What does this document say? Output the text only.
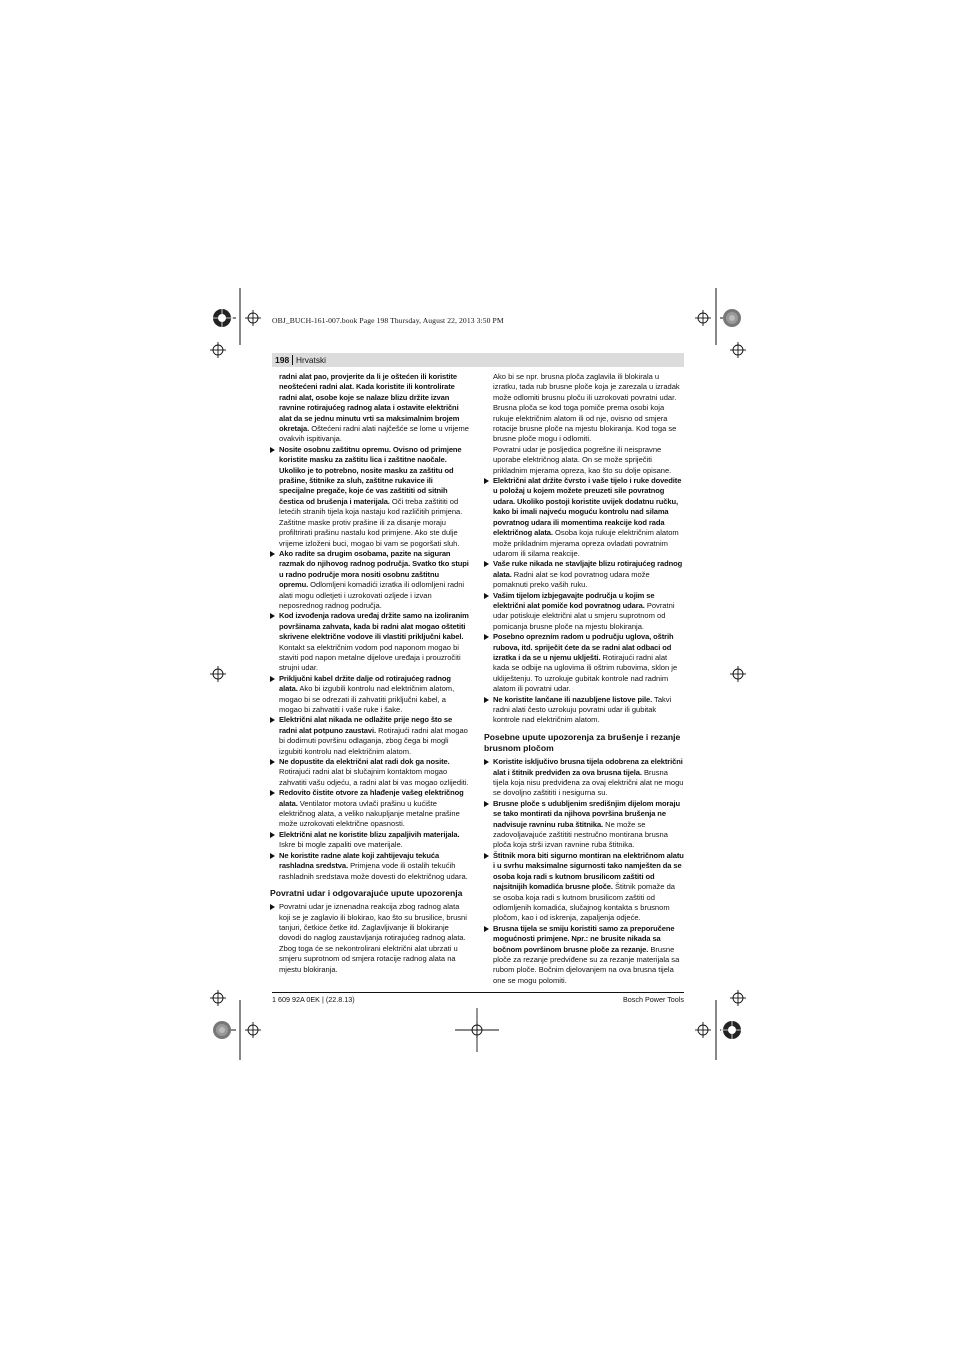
OBJ_BUCH-161-007.book Page 198 Thursday, August 22, 2013 3:50 PM
198 Hrvatski

radni alat pao, provjerite da li je oštećen ili koristite neoštećeni radni alat. Kada koristite ili kontrolirate radni alat, osobe koje se nalaze blizu držite izvan ravnine rotirajućeg radnog alata i ostavite električni alat da se jednu minutu vrti sa maksimalnim brojem okretaja. Oštećeni radni alati najčešće se lome u vrijeme ovakvih ispitivanja.

Nosite osobnu zaštitnu opremu. Ovisno od primjene koristite masku za zaštitu lica i zaštitne naočale. Ukoliko je to potrebno, nosite masku za zaštitu od prašine, štitnike za sluh, zaštitne rukavice ili specijalne pregače, koje će vas zaštititi od sitnih čestica od brušenja i materijala. Oči treba zaštititi od letećih stranih tijela koja nastaju kod različitih primjena. Zaštitne maske protiv prašine ili za disanje moraju profiltrirati prašinu nastalu kod primjene. Ako ste dulje vrijeme izloženi buci, mogao bi vam se pogoršati sluh.

Ako radite sa drugim osobama, pazite na siguran razmak do njihovog radnog područja. Svatko tko stupi u radno područje mora nositi osobnu zaštitnu opremu. Odlomljeni komadići izratka ili odlomljeni radni alati mogu odletjeti i uzrokovati ozljede i izvan neposrednog radnog područja.

Kod izvođenja radova uređaj držite samo na izoliranim površinama zahvata, kada bi radni alat mogao oštetiti skrivene električne vodove ili vlastiti priključni kabel. Kontakt sa električnim vodom pod naponom mogao bi staviti pod napon metalne dijelove uređaja i prouzročiti strujni udar.

Priključni kabel držite dalje od rotirajućeg radnog alata. Ako bi izgubili kontrolu nad električnim alatom, mogao bi se odrezati ili zahvatiti priključni kabel, a mogao bi zahvatiti i vaše ruke i šake.

Električni alat nikada ne odlažite prije nego što se radni alat potpuno zaustavi. Rotirajući radni alat mogao bi dodirnuti površinu odlaganja, zbog čega bi mogli izgubiti kontrolu nad električnim alatom.

Ne dopustite da električni alat radi dok ga nosite. Rotirajući radni alat bi slučajnim kontaktom mogao zahvatiti vašu odjeću, a radni alat bi vas mogao ozlijediti.

Redovito čistite otvore za hlađenje vašeg električnog alata. Ventilator motora uvlači prašinu u kućište električnog alata, a veliko nakupljanje metalne prašine može uzrokovati električne opasnosti.

Električni alat ne koristite blizu zapaljivih materijala. Iskre bi mogle zapaliti ove materijale.

Ne koristite radne alate koji zahtijevaju tekuća rashladna sredstva. Primjena vode ili ostalih tekućih rashladnih sredstava može dovesti do električnog udara.

Povratni udar i odgovarajuće upute upozorenja

Povratni udar je iznenadna reakcija zbog radnog alata koji se je zaglavio ili blokirao, kao što su brusilice, brusni tanjuri, četkice četke itd. Zaglavljivanje ili blokiranje dovodi do naglog zaustavljanja rotirajućeg radnog alata. Zbog toga će se nekontrolirani električni alat ubrzati u smjeru suprotnom od smjera rotacije radnog alata na mjestu blokiranja.

Ako bi se npr. brusna ploča zaglavila ili blokirala u izratku, tada rub brusne ploče koja je zarezala u izradak može odlomiti brusnu ploču ili uzrokovati povratni udar. Brusna ploča se kod toga pomiče prema osobi koja rukuje električnim alatom ili od nje, ovisno od smjera rotacije brusne ploče na mjestu blokiranja. Kod toga se brusne ploče mogu i odlomiti.
Povratni udar je posljedica pogrešne ili neispravne uporabe električnog alata. On se može spriječiti prikladnim mjerama opreza, kao što su dolje opisane.

Električni alat držite čvrsto i vaše tijelo i ruke dovedite u položaj u kojem možete preuzeti sile povratnog udara. Ukoliko postoji koristite uvijek dodatnu ručku, kako bi imali najveću moguću kontrolu nad silama povratnog udara ili momentima reakcije kod rada električnog alata. Osoba koja rukuje električnim alatom može prikladnim mjerama opreza ovladati povratnim udarom ili silama reakcije.

Vaše ruke nikada ne stavljajte blizu rotirajućeg radnog alata. Radni alat se kod povratnog udara može pomaknuti preko vaših ruku.

Vašim tijelom izbjegavajte područja u kojim se električni alat pomiče kod povratnog udara. Povratni udar potiskuje električni alat u smjeru suprotnom od pomicanja brusne ploče na mjestu blokiranja.

Posebno oprezním radom u području uglova, oštrih rubova, itd. spriječit ćete da se radni alat odbaci od izratka i da se u njemu uklješti. Rotirajući radni alat kada se odbije na uglovima ili oštrim rubovima, sklon je ukliještenju. To uzrokuje gubitak kontrole nad radnim alatom ili povratni udar.

Ne koristite lančane ili nazubljene listove pile. Takvi radni alati često uzrokuju povratni udar ili gubitak kontrole nad električnim alatom.

Posebne upute upozorenja za brušenje i rezanje brusnom pločom

Koristite isključivo brusna tijela odobrena za električni alat i štitnik predviđen za ova brusna tijela. Brusna tijela koja nisu predviđena za ovaj električni alat ne mogu se dovoljno zaštititi i nesigurna su.

Brusne ploče s udubljenim središnjim dijelom moraju se tako montirati da njihova površina brušenja ne nadvisuje ravninu ruba štitnika. Ne može se zadovoljavajuće zaštititi nestručno montirana brusna ploča koja strši izvan ravnine ruba štitnika.

Štitnik mora biti sigurno montiran na električnom alatu i u svrhu maksimalne sigurnosti tako namješten da se osoba koja radi s kutnom brusilicom zaštiti od najsitnijih komadića brusne ploče. Štitnik pomaže da se osoba koja radi s kutnom brusilicom zaštiti od odlomljenih komadića, slučajnog kontakta s brusnom pločom, kao i od iskrenja, zapaljenja odjeće.

Brusna tijela se smiju koristiti samo za preporučene mogućnosti primjene. Npr.: ne brusite nikada sa bočnom površinom brusne ploče za rezanje. Brusne ploče za rezanje predviđene su za rezanje materijala sa rubom ploče. Bočnim djelovanjem na ova brusna tijela one se mogu polomiti.

1 609 92A 0EK | (22.8.13)	Bosch Power Tools
